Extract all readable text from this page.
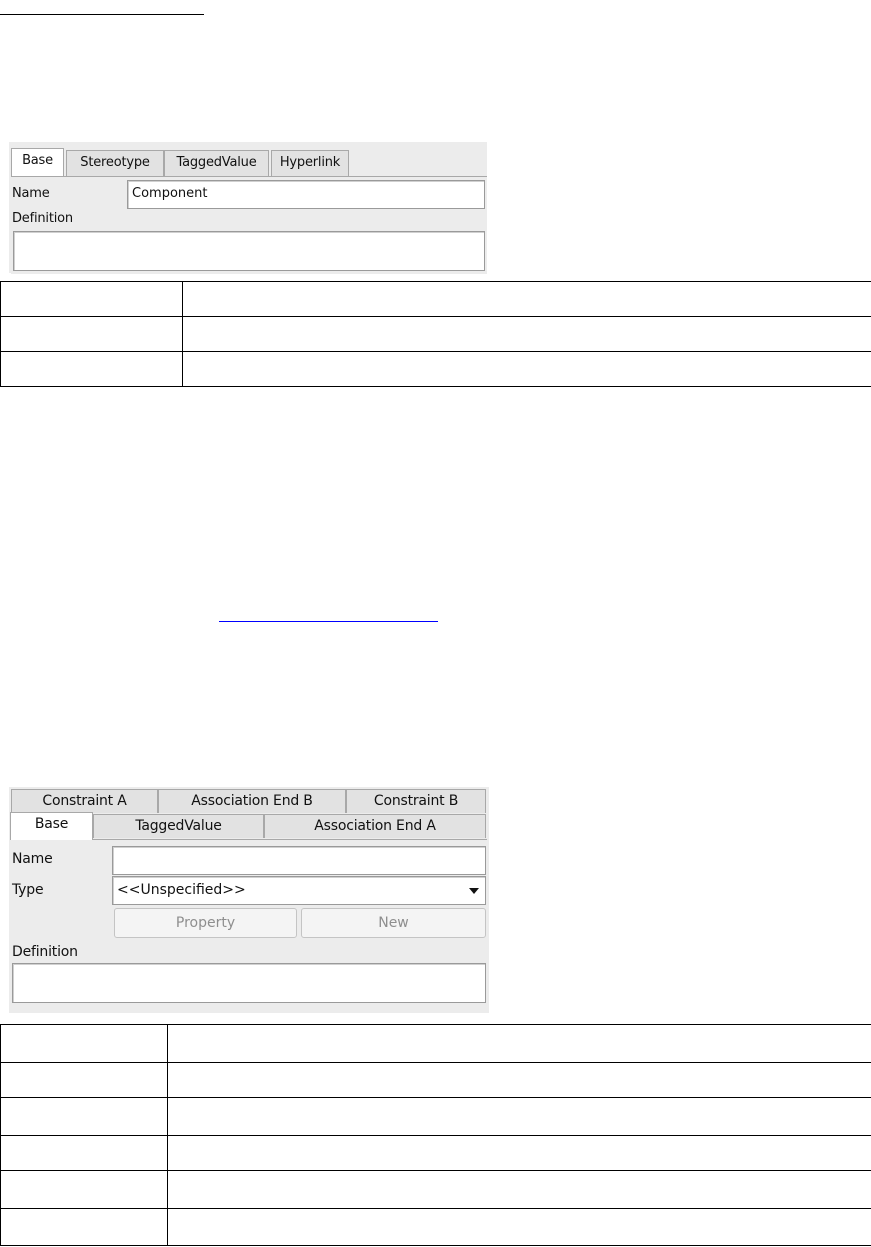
Base	Stereotype	TaggedValue	Hyperlink
Name	Component
Definition

Constraint A	Association End B	Constraint B
Base	TaggedValue	Association End A
Name
Type	<<Unspecified>>
Property	New
Definition
